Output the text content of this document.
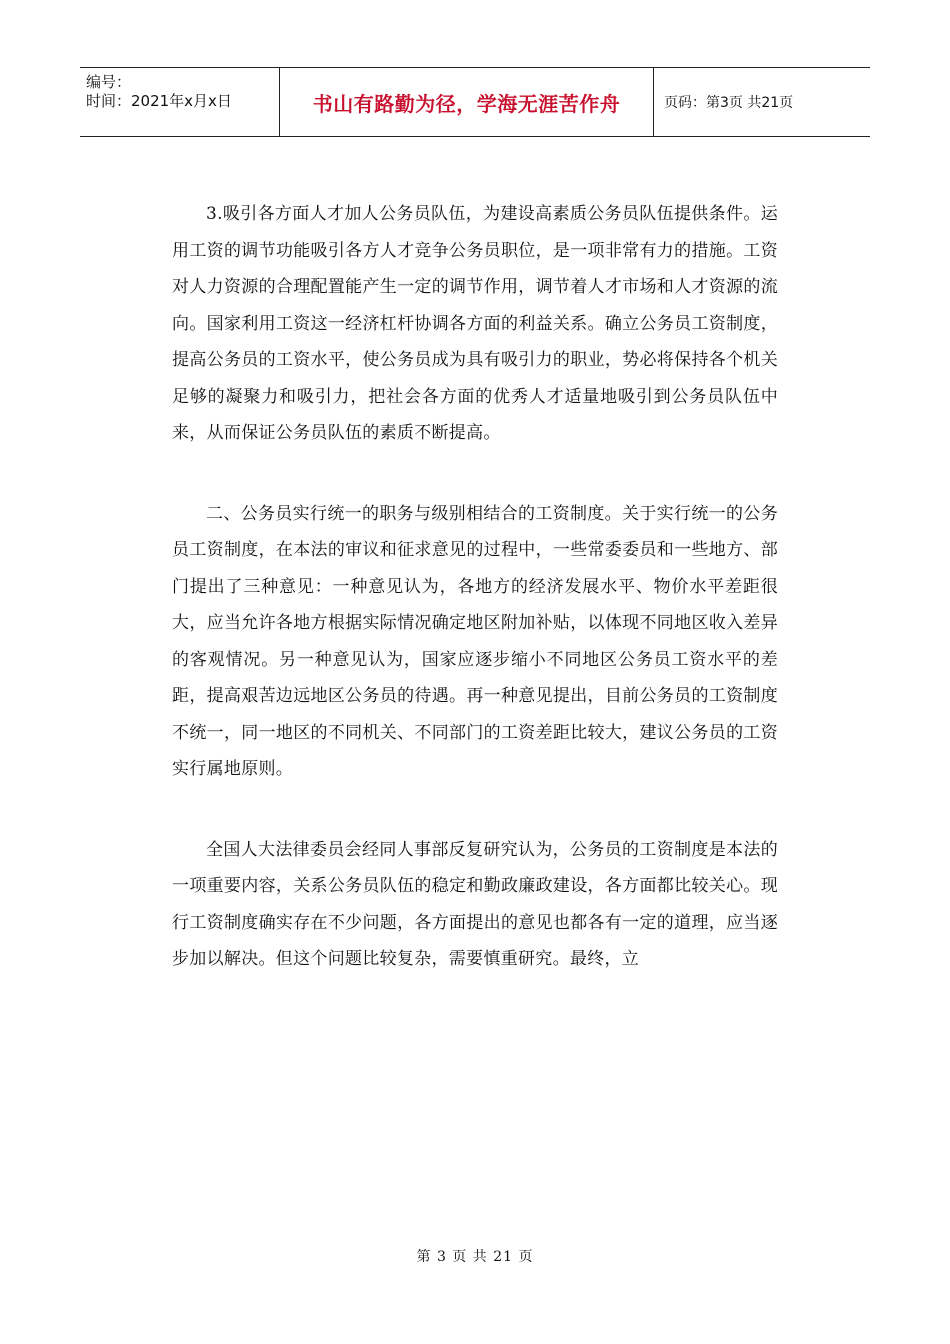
编号：
时间：2021年x月x日	书山有路勤为径，学海无涯苦作舟	页码：第3页 共21页

3.吸引各方面人才加人公务员队伍，为建设高素质公务员队伍提供条件。运用工资的调节功能吸引各方人才竞争公务员职位，是一项非常有力的措施。工资对人力资源的合理配置能产生一定的调节作用，调节着人才市场和人才资源的流向。国家利用工资这一经济杠杆协调各方面的利益关系。确立公务员工资制度，提高公务员的工资水平，使公务员成为具有吸引力的职业，势必将保持各个机关足够的凝聚力和吸引力，把社会各方面的优秀人才适量地吸引到公务员队伍中来，从而保证公务员队伍的素质不断提高。

二、公务员实行统一的职务与级别相结合的工资制度。关于实行统一的公务员工资制度，在本法的审议和征求意见的过程中，一些常委委员和一些地方、部门提出了三种意见：一种意见认为，各地方的经济发展水平、物价水平差距很大，应当允许各地方根据实际情况确定地区附加补贴，以体现不同地区收入差异的客观情况。另一种意见认为，国家应逐步缩小不同地区公务员工资水平的差距，提高艰苦边远地区公务员的待遇。再一种意见提出，目前公务员的工资制度不统一，同一地区的不同机关、不同部门的工资差距比较大，建议公务员的工资实行属地原则。

全国人大法律委员会经同人事部反复研究认为，公务员的工资制度是本法的一项重要内容，关系公务员队伍的稳定和勤政廉政建设，各方面都比较关心。现行工资制度确实存在不少问题，各方面提出的意见也都各有一定的道理，应当逐步加以解决。但这个问题比较复杂，需要慎重研究。最终，立

第 3 页 共 21 页
